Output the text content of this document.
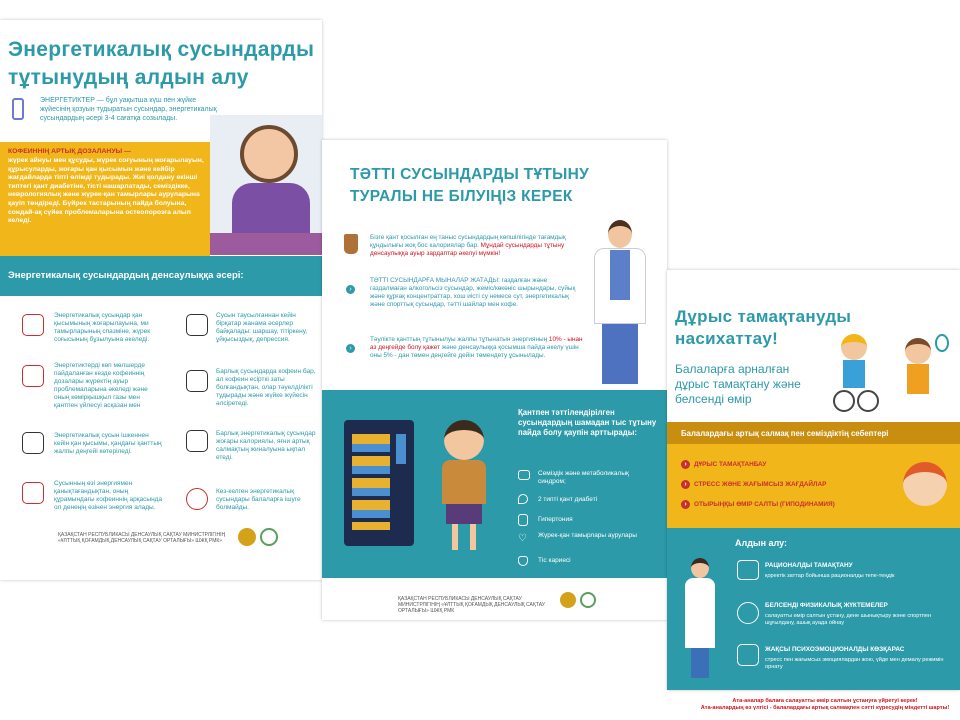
Энергетикалық сусындарды
тұтынудың алдын алу
ЭНЕРГЕТИКТЕР — бұл уақытша күш пен жүйке жүйесінің қозуын тудыратын сусындар, энергетикалық сусындардың әсері 3-4 сағатқа созылады.
КОФЕИННІҢ АРТЫҚ ДОЗАЛАНУЫ —
жүрек айнуы мен құсуды, жүрек соғуының жоғарылауын, құрысуларды, жоғары қан қысымын және кейбір жағдайларда тіпті өлімді тудырады. Жиі қолдану екінші типтегі қант диабетіне, тісті нашарлатады, семіздікке, неврологиялық және жүрек-қан тамырлары ауруларына қауіп төндіреді. Бүйрек тастарының пайда болуына, сондай-ақ сүйек проблемаларына остеопорозға алып келеді.
Энергетикалық сусындардың денсаулыққа әсері:
Энергетикалық сусындар қан қысымының жоғарылауына, ми тамырларының спазміне, жүрек соғысының бұзылуына әкеледі.
Энергетиктерді көп мөлшерде пайдаланған кезде кофеиннің дозалары жүректің ауыр проблемаларына әкеледі және оның көмірқышқыл газы мен қантпен үйлесуі асқазан мен
Энергетикалық сусын ішкеннен кейін қан қысымы, қандағы қанттың жалпы деңгейі көтеріледі.
Сусынның өзі энергиямен қанықтағандықтан, оның құрамындағы кофеиннің арқасында ол денеңің өзінен энергия алады.
Сусын таусылғаннан кейін бірқатар жанама әсерлер байқалады: шаршау, тітіркену, ұйқысыздық, депрессия.
Барлық сусындарда кофеин бар, ал кофеин есірткі заты болғандықтан, олар тәуелділікті тудырады және жүйке жүйесін әлсіретеді.
Барлық энергетикалық сусындар жоғары калориялы, яғни артық салмақтың жиналуына ықпал етеді.
Кез-келген энергетикалық сусындары балаларға ішуге болмайды.
ҚАЗАҚСТАН РЕСПУБЛИКАСЫ ДЕНСАУЛЫҚ САҚТАУ МИНИСТРЛІГІНІҢ «ҰЛТТЫҚ ҚОҒАМДЫҚ ДЕНСАУЛЫҚ САҚТАУ ОРТАЛЫҒЫ» ШЖҚ РМК»
ТӘТТІ СУСЫНДАРДЫ ТҰТЫНУ
ТУРАЛЫ НЕ БІЛУІҢІЗ КЕРЕК
Бізге қант қосылған ең таныс сусындардың көпшілігінде тағамдық құндылығы жоқ бос калориялар бар. Мұндай сусындарды тұтыну денсаулыққа ауыр зардаптар әкелуі мүмкін!
›
ТӘТТІ СУСЫНДАРҒА МЫНАЛАР ЖАТАДЫ: газдалған және газдалмаған алкогольсіз сусындар, жеміс/көкөніс шырындары, сүйық және құрғақ концентраттар, хош иісті су немесе сут, энергетикалық және спорттық сусындар, тәтті шайлар мен кофе.
›
Тәулікте қанттың тұтынылуы жалпы тұтынатын энергияның 10% - ынан аз деңгейде болу қажет және денсаулыққа қосымша пайда әкелу үшін оны 5% - дан төмен деңгейге дейін төмендету ұсынылады.
Қантпен тәттілендірілген сусындардың шамадан тыс тұтыну пайда болу қаупін арттырады:
Семіздік және метаболикалық синдром;
2 типті қант диабеті
Гипертония
♡	Жүрек-қан тамырлары аурулары
Тіс кариесі
ҚАЗАҚСТАН РЕСПУБЛИКАСЫ ДЕНСАУЛЫҚ САҚТАУ МИНИСТРЛІГІНІҢ «ҰЛТТЫҚ ҚОҒАМДЫҚ ДЕНСАУЛЫҚ САҚТАУ ОРТАЛЫҒЫ» ШЖҚ РМК
Дұрыс тамақтануды
насихаттау!
Балаларға арналған дұрыс тамақтану және белсенді өмір
Балалардағы артық салмақ пен семіздіктің себептері
› ДҰРЫС ТАМАҚТАНБАУ
› СТРЕСС ЖӘНЕ ЖАҒЫМСЫЗ ЖАҒДАЙЛАР
› ОТЫРЫҢҚЫ ӨМІР САЛТЫ (ГИПОДИНАМИЯ)
Алдын алу:
РАЦИОНАЛДЫ ТАМАҚТАНУ
қоректік заттар бойынша рационалды тепе-теңдік
БЕЛСЕНДІ ФИЗИКАЛЫҚ ЖҮКТЕМЕЛЕР
салауатты өмір салтын ұстану, дене шынықтыру және спортпен шұғылдану, ашық ауада ойнау
ЖАҚСЫ ПСИХОЭМОЦИОНАЛДЫ КӨЗҚАРАС
стресс пен жағымсыз эмоциялардан жою, үйде мен демалу режимін орнату
Ата-аналар балаға салауатты өмір салтын ұстануға үйретуі керек!
Ата-аналардың өз үлгісі - балалардағы артық салмақпен сәтті күресудің міндетті шарты!
